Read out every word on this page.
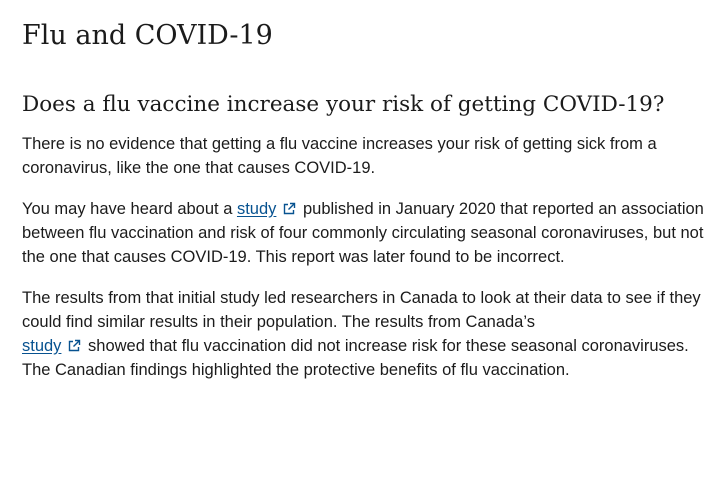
Flu and COVID-19
Does a flu vaccine increase your risk of getting COVID-19?

There is no evidence that getting a flu vaccine increases your risk of getting sick from a coronavirus, like the one that causes COVID-19.

You may have heard about a study published in January 2020 that reported an association between flu vaccination and risk of four commonly circulating seasonal coronaviruses, but not the one that causes COVID-19. This report was later found to be incorrect.

The results from that initial study led researchers in Canada to look at their data to see if they could find similar results in their population. The results from Canada’s
study showed that flu vaccination did not increase risk for these seasonal coronaviruses. The Canadian findings highlighted the protective benefits of flu vaccination.
